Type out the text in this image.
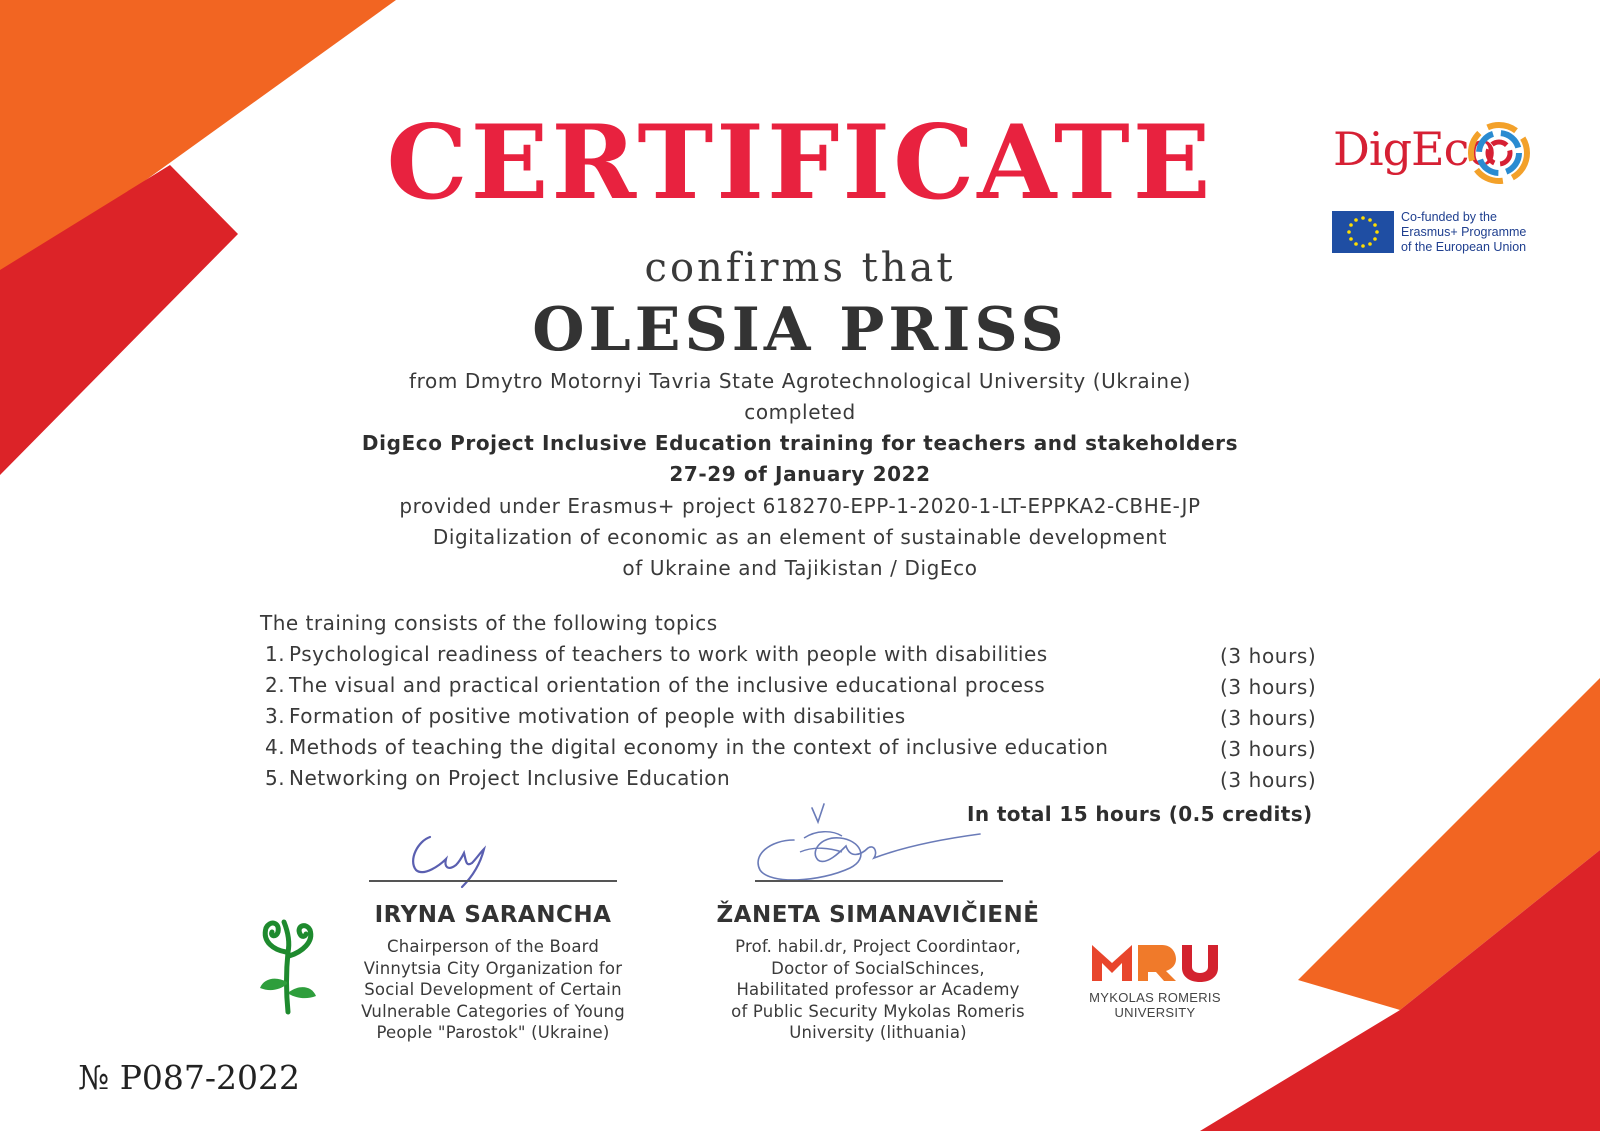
CERTIFICATE
confirms that
OLESIA PRISS
from Dmytro Motornyi Tavria State Agrotechnological University (Ukraine)
completed
DigEco Project Inclusive Education training for teachers and stakeholders
27-29 of January 2022
provided under Erasmus+ project 618270-EPP-1-2020-1-LT-EPPKA2-CBHE-JP
Digitalization of economic as an element of sustainable development
of Ukraine and Tajikistan / DigEco
The training consists of the following topics
1. Psychological readiness of teachers to work with people with disabilities	(3 hours)
2. The visual and practical orientation of the inclusive educational process	(3 hours)
3. Formation of positive motivation of people with disabilities	(3 hours)
4. Methods of teaching the digital economy in the context of inclusive education	(3 hours)
5. Networking on Project Inclusive Education	(3 hours)
In total 15 hours (0.5 credits)
IRYNA SARANCHA
Chairperson of the Board
Vinnytsia City Organization for
Social Development of Certain
Vulnerable Categories of Young
People "Parostok" (Ukraine)
ŽANETA SIMANAVIČIENĖ
Prof. habil.dr, Project Coordintaor,
Doctor of SocialSchinces,
Habilitated professor ar Academy
of Public Security Mykolas Romeris
University (lithuania)
MYKOLAS ROMERIS
UNIVERSITY
DigEco
Co-funded by the
Erasmus+ Programme
of the European Union
№ P087-2022
